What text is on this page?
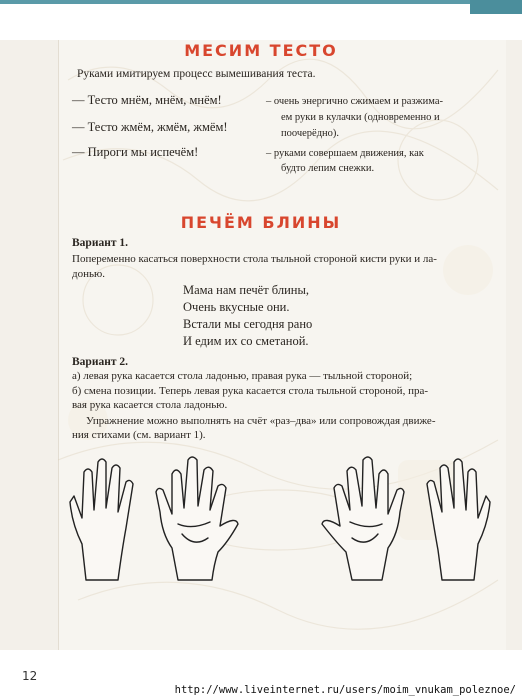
МЕСИМ ТЕСТО
Руками имитируем процесс вымешивания теста.
— Тесто мнём, мнём, мнём!
— Тесто жмём, жмём, жмём!
— Пироги мы испечём!
– очень энергично сжимаем и разжима-
ем руки в кулачки (одновременно и
поочерёдно).
– руками совершаем движения, как
будто лепим снежки.
ПЕЧЁМ БЛИНЫ
Вариант 1.
Попеременно касаться поверхности стола тыльной стороной кисти руки и ла-
донью.
Мама нам печёт блины,
Очень вкусные они.
Встали мы сегодня рано
И едим их со сметаной.
Вариант 2.
а) левая рука касается стола ладонью, правая рука — тыльной стороной;
б) смена позиции. Теперь левая рука касается стола тыльной стороной, пра-
вая рука касается стола ладонью.
Упражнение можно выполнять на счёт «раз–два» или сопровождая движе-
ния стихами (см. вариант 1).
12
http://www.liveinternet.ru/users/moim_vnukam_poleznoe/
